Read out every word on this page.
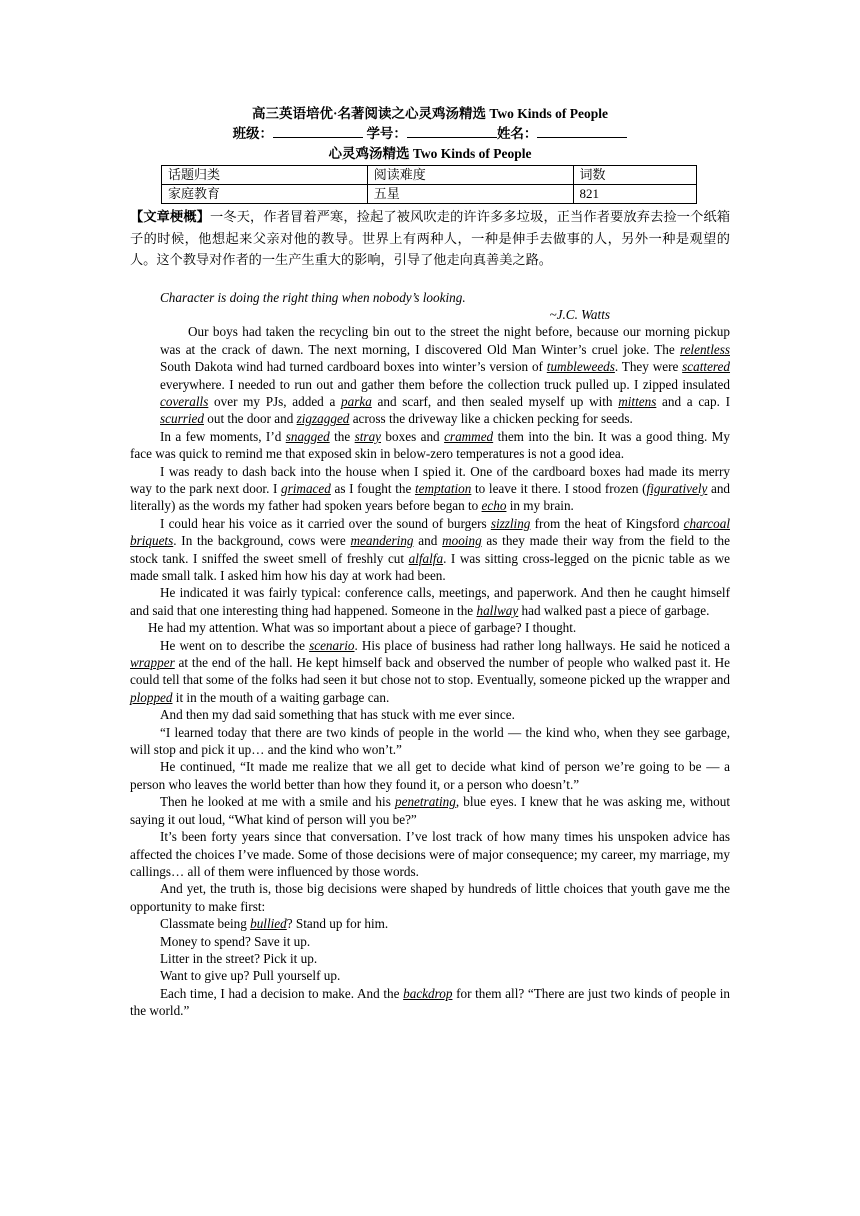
高三英语培优·名著阅读之心灵鸡汤精选 Two Kinds of People
班级：	学号：	姓名：
心灵鸡汤精选 Two Kinds of People
话题归类	阅读难度	词数
家庭教育	五星	821
【文章梗概】一冬天，作者冒着严寒，捡起了被风吹走的许许多多垃圾，正当作者要放弃去捡一个纸箱子的时候，他想起来父亲对他的教导。世界上有两种人，一种是伸手去做事的人，另外一种是观望的人。这个教导对作者的一生产生重大的影响，引导了他走向真善美之路。
Character is doing the right thing when nobody’s looking.
~J.C. Watts

Our boys had taken the recycling bin out to the street the night before, because our morning pickup was at the crack of dawn. The next morning, I discovered Old Man Winter’s cruel joke. The relentless South Dakota wind had turned cardboard boxes into winter’s version of tumbleweeds. They were scattered everywhere. I needed to run out and gather them before the collection truck pulled up. I zipped insulated coveralls over my PJs, added a parka and scarf, and then sealed myself up with mittens and a cap. I scurried out the door and zigzagged across the driveway like a chicken pecking for seeds.

In a few moments, I’d snagged the stray boxes and crammed them into the bin. It was a good thing. My face was quick to remind me that exposed skin in below-zero temperatures is not a good idea.

I was ready to dash back into the house when I spied it. One of the cardboard boxes had made its merry way to the park next door. I grimaced as I fought the temptation to leave it there. I stood frozen (figuratively and literally) as the words my father had spoken years before began to echo in my brain.

I could hear his voice as it carried over the sound of burgers sizzling from the heat of Kingsford charcoal briquets. In the background, cows were meandering and mooing as they made their way from the field to the stock tank. I sniffed the sweet smell of freshly cut alfalfa. I was sitting cross-legged on the picnic table as we made small talk. I asked him how his day at work had been.

He indicated it was fairly typical: conference calls, meetings, and paperwork. And then he caught himself and said that one interesting thing had happened. Someone in the hallway had walked past a piece of garbage.

He had my attention. What was so important about a piece of garbage? I thought.

He went on to describe the scenario. His place of business had rather long hallways. He said he noticed a wrapper at the end of the hall. He kept himself back and observed the number of people who walked past it. He could tell that some of the folks had seen it but chose not to stop. Eventually, someone picked up the wrapper and plopped it in the mouth of a waiting garbage can.

And then my dad said something that has stuck with me ever since.

“I learned today that there are two kinds of people in the world — the kind who, when they see garbage, will stop and pick it up… and the kind who won’t.”

He continued, “It made me realize that we all get to decide what kind of person we’re going to be — a person who leaves the world better than how they found it, or a person who doesn’t.”

Then he looked at me with a smile and his penetrating, blue eyes. I knew that he was asking me, without saying it out loud, “What kind of person will you be?”

It’s been forty years since that conversation. I’ve lost track of how many times his unspoken advice has affected the choices I’ve made. Some of those decisions were of major consequence; my career, my marriage, my callings… all of them were influenced by those words.

And yet, the truth is, those big decisions were shaped by hundreds of little choices that youth gave me the opportunity to make first:

Classmate being bullied? Stand up for him.

Money to spend? Save it up.

Litter in the street? Pick it up.

Want to give up? Pull yourself up.

Each time, I had a decision to make. And the backdrop for them all? “There are just two kinds of people in the world.”
